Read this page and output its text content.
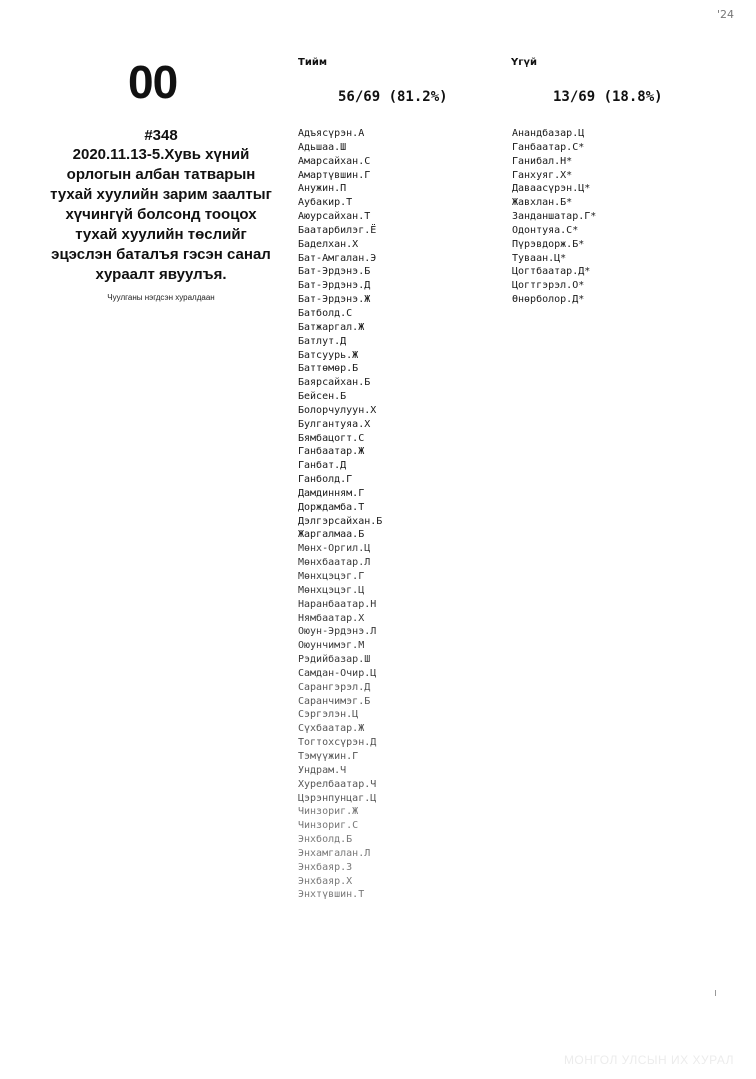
'24
00
#348
2020.11.13-5.Хувь хүний орлогын албан татварын тухай хуулийн зарим заалтыг хүчингүй болсонд тооцох тухай хуулийн төслийг эцэслэн баталъя гэсэн санал хураалт явуулъя.
Чуулганы нэгдсэн хуралдаан
Тийм
56/69 (81.2%)
Адъясүрэн.А
Адьшаа.Ш
Амарсайхан.С
Амартүвшин.Г
Анужин.П
Аубакир.Т
Аюурсайхан.Т
Баатарбилэг.Ё
Баделхан.Х
Бат-Амгалан.Э
Бат-Эрдэнэ.Б
Бат-Эрдэнэ.Д
Бат-Эрдэнэ.Ж
Батболд.С
Батжаргал.Ж
Батлут.Д
Батсуурь.Ж
Баттөмөр.Б
Баярсайхан.Б
Бейсен.Б
Болорчулуун.Х
Булгантуяа.Х
Бямбацогт.С
Ганбаатар.Ж
Ганбат.Д
Ганболд.Г
Дамдинням.Г
Дорждамба.Т
Дэлгэрсайхан.Б
Жаргалмаа.Б
Мөнх-Оргил.Ц
Мөнхбаатар.Л
Мөнхцэцэг.Г
Мөнхцэцэг.Ц
Наранбаатар.Н
Нямбаатар.Х
Оюун-Эрдэнэ.Л
Оюунчимэг.М
Рэдийбазар.Ш
Самдан-Очир.Ц
Сарангэрэл.Д
Саранчимэг.Б
Сэргэлэн.Ц
Сүхбаатар.Ж
Тогтохсүрэн.Д
Тэмүүжин.Г
Ундрам.Ч
Хурелбаатар.Ч
Цэрэнпунцаг.Ц
Чинзориг.Ж
Чинзориг.С
Энхболд.Б
Энхамгалан.Л
Энхбаяр.З
Энхбаяр.Х
Энхтүвшин.Т
Үгүй
13/69 (18.8%)
Анандбазар.Ц
Ганбаатар.С*
Ганибал.Н*
Ганхуяг.Х*
Даваасүрэн.Ц*
Жавхлан.Б*
Занданшатар.Г*
Одонтуяа.С*
Пүрэвдорж.Б*
Туваан.Ц*
Цогтбаатар.Д*
Цогтгэрэл.О*
Өнөрболор.Д*
МОНГОЛ УЛСЫН ИХ ХУРАЛ
